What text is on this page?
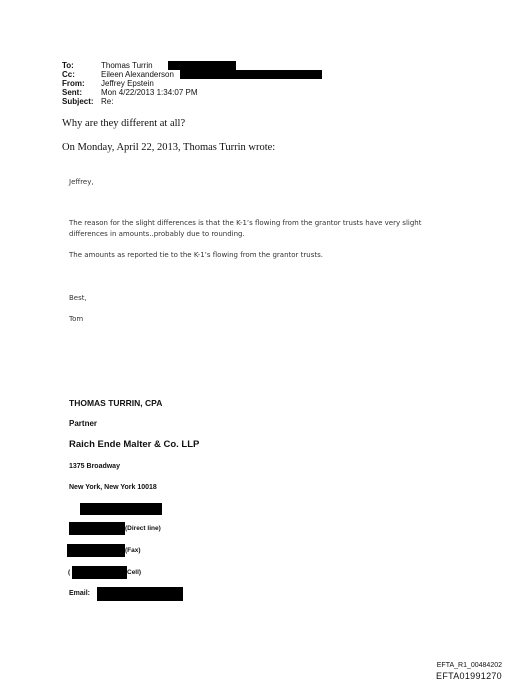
To:	Thomas Turrin
Cc:	Eileen Alexanderson
From: Jeffrey Epstein
Sent: Mon 4/22/2013 1:34:07 PM
Subject: Re:
Why are they different at all?
On Monday, April 22, 2013, Thomas Turrin wrote:
Jeffrey,
The reason for the slight differences is that the K-1’s flowing from the grantor trusts have very slight
differences in amounts..probably due to rounding.
The amounts as reported tie to the K-1’s flowing from the grantor trusts.
Best,
Tom
THOMAS TURRIN, CPA
Partner
Raich Ende Malter & Co. LLP
1375 Broadway
New York, New York 10018
(Direct line)
(Fax)
(	Cell)
Email:
EFTA_R1_00484202
EFTA01991270
